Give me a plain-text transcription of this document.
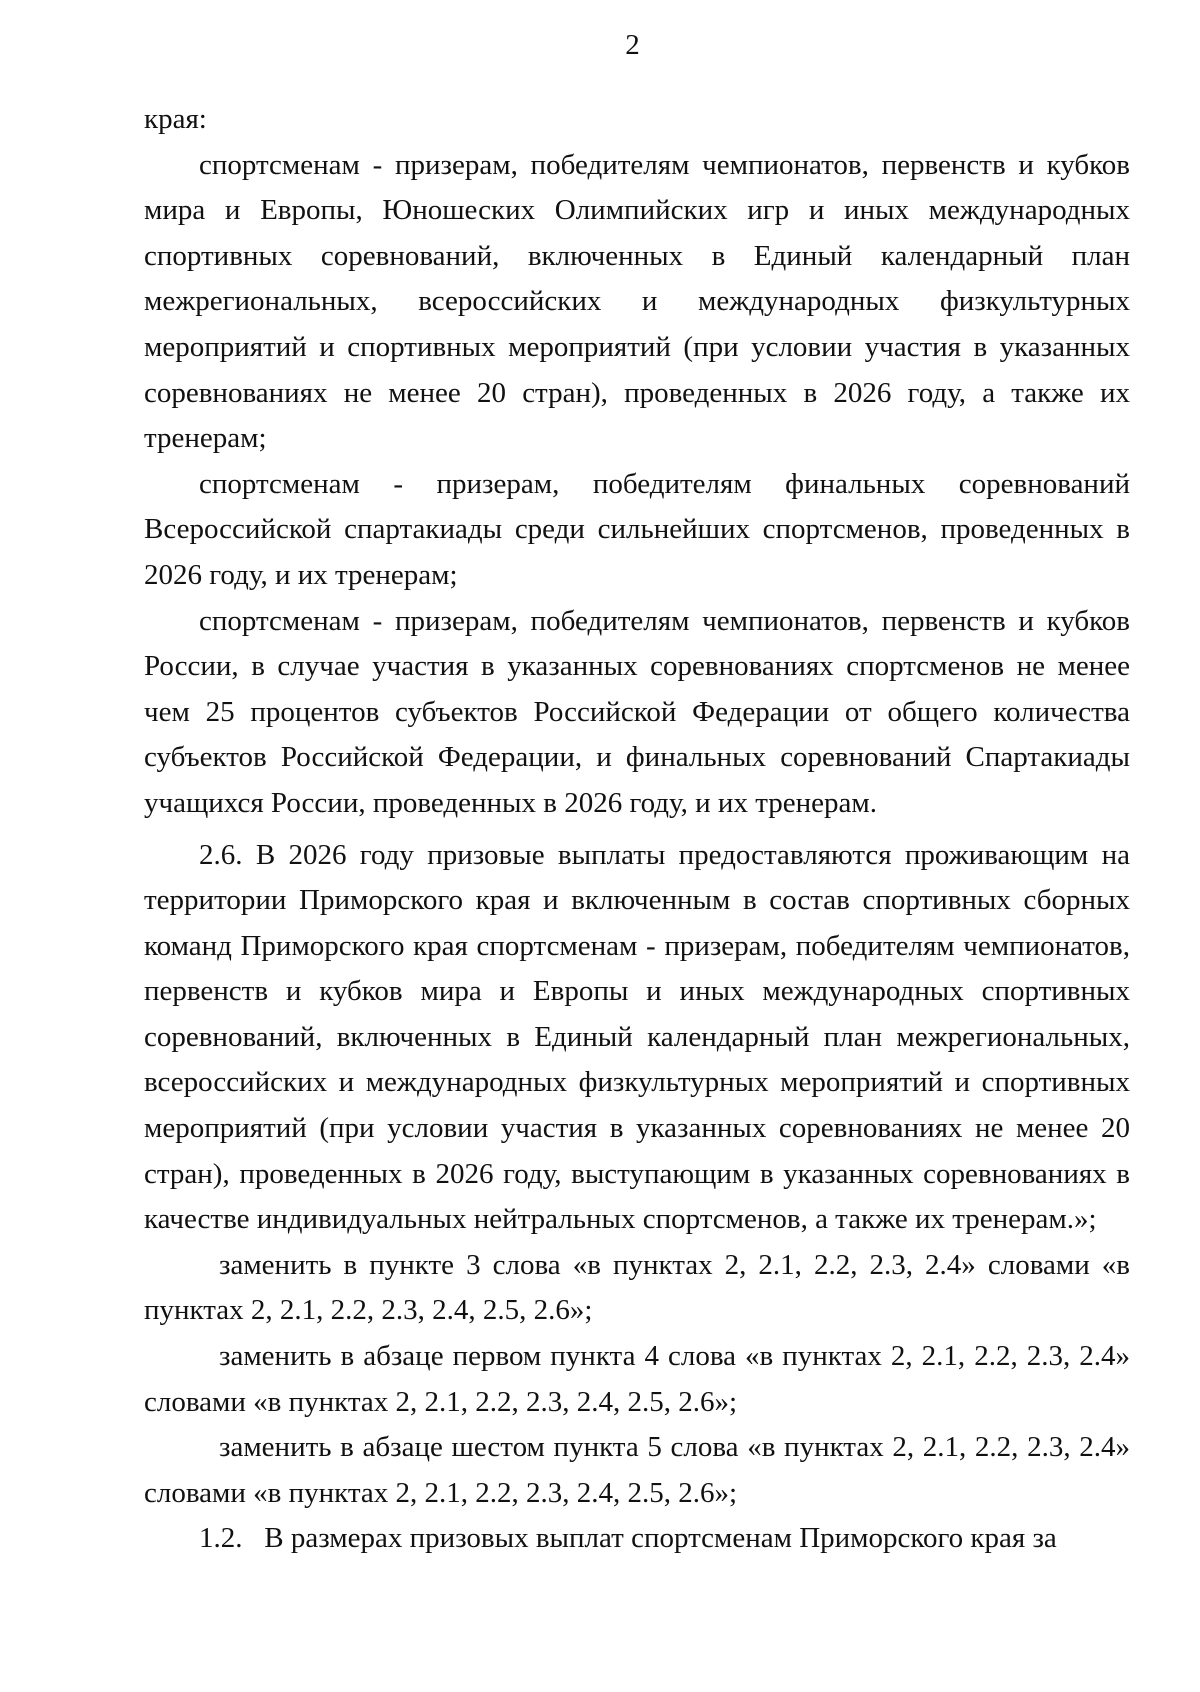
2

края:

спортсменам - призерам, победителям чемпионатов, первенств и кубков мира и Европы, Юношеских Олимпийских игр и иных международных спортивных соревнований, включенных в Единый календарный план межрегиональных, всероссийских и международных физкультурных мероприятий и спортивных мероприятий (при условии участия в указанных соревнованиях не менее 20 стран), проведенных в 2026 году, а также их тренерам;

спортсменам - призерам, победителям финальных соревнований Всероссийской спартакиады среди сильнейших спортсменов, проведенных в 2026 году, и их тренерам;

спортсменам - призерам, победителям чемпионатов, первенств и кубков России, в случае участия в указанных соревнованиях спортсменов не менее чем 25 процентов субъектов Российской Федерации от общего количества субъектов Российской Федерации, и финальных соревнований Спартакиады учащихся России, проведенных в 2026 году, и их тренерам.

2.6. В 2026 году призовые выплаты предоставляются проживающим на территории Приморского края и включенным в состав спортивных сборных команд Приморского края спортсменам - призерам, победителям чемпионатов, первенств и кубков мира и Европы и иных международных спортивных соревнований, включенных в Единый календарный план межрегиональных, всероссийских и международных физкультурных мероприятий и спортивных мероприятий (при условии участия в указанных соревнованиях не менее 20 стран), проведенных в 2026 году, выступающим в указанных соревнованиях в качестве индивидуальных нейтральных спортсменов, а также их тренерам.»;

заменить в пункте 3 слова «в пунктах 2, 2.1, 2.2, 2.3, 2.4» словами «в пунктах 2, 2.1, 2.2, 2.3, 2.4, 2.5, 2.6»;

заменить в абзаце первом пункта 4 слова «в пунктах 2, 2.1, 2.2, 2.3, 2.4» словами «в пунктах 2, 2.1, 2.2, 2.3, 2.4, 2.5, 2.6»;

заменить в абзаце шестом пункта 5 слова «в пунктах 2, 2.1, 2.2, 2.3, 2.4» словами «в пунктах 2, 2.1, 2.2, 2.3, 2.4, 2.5, 2.6»;

1.2.   В размерах призовых выплат спортсменам Приморского края за
